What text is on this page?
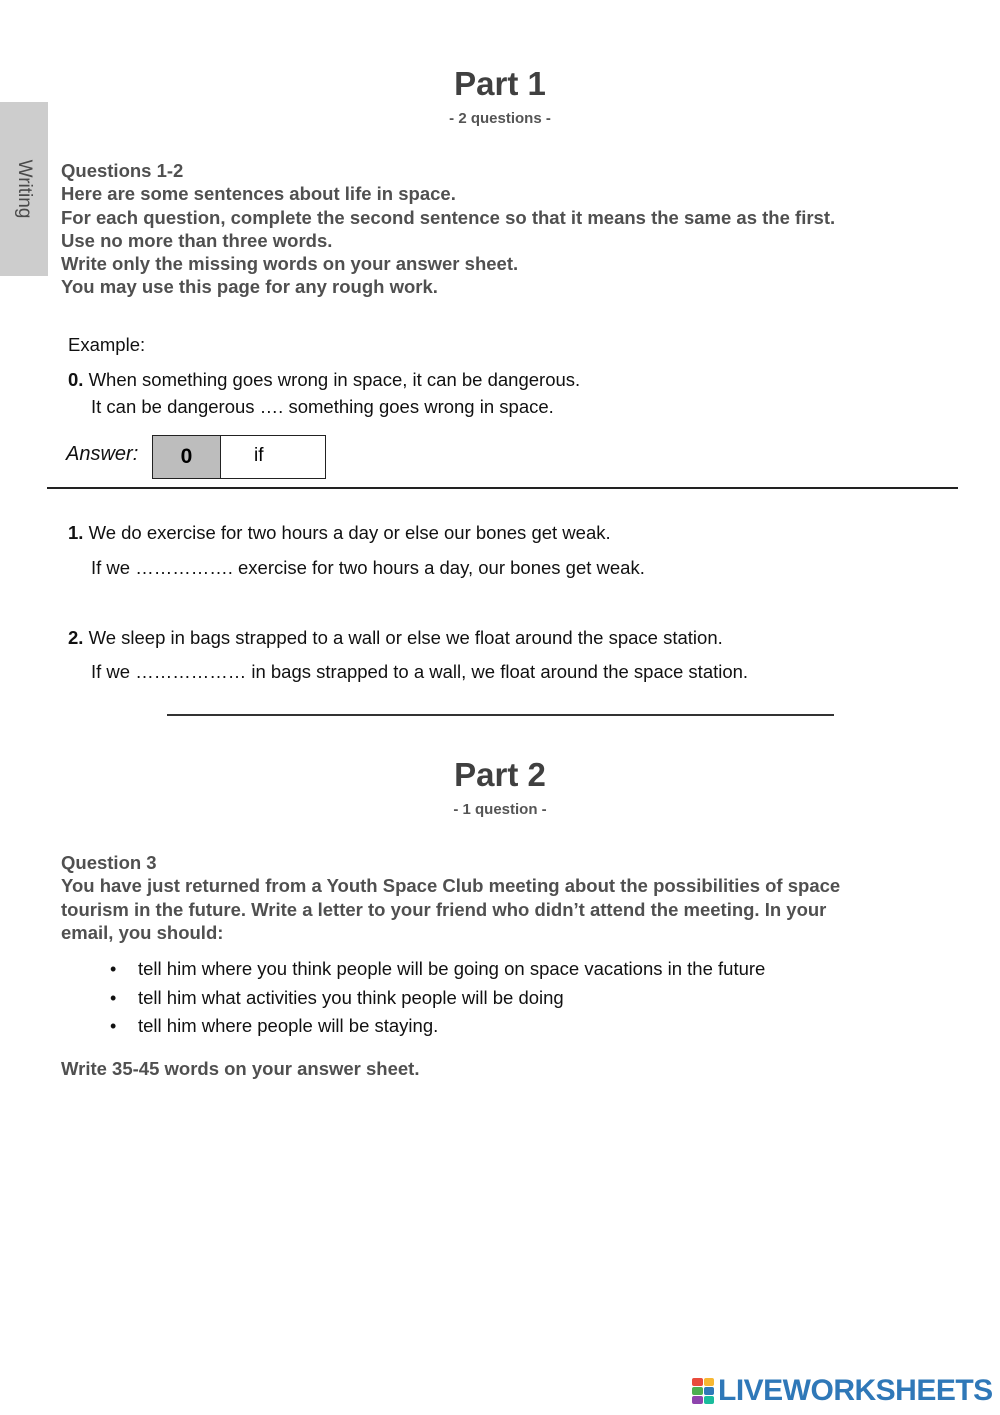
Writing
Part 1
- 2 questions -
Questions 1-2
Here are some sentences about life in space.
For each question, complete the second sentence so that it means the same as the first.
Use no more than three words.
Write only the missing words on your answer sheet.
You may use this page for any rough work.
Example:
0. When something goes wrong in space, it can be dangerous.
It can be dangerous …. something goes wrong in space.
Answer: 0	if
1. We do exercise for two hours a day or else our bones get weak.
If we ……………. exercise for two hours a day, our bones get weak.
2. We sleep in bags strapped to a wall or else we float around the space station.
If we ……………… in bags strapped to a wall, we float around the space station.
Part 2
- 1 question -
Question 3
You have just returned from a Youth Space Club meeting about the possibilities of space
tourism in the future. Write a letter to your friend who didn’t attend the meeting. In your
email, you should:
• tell him where you think people will be going on space vacations in the future
• tell him what activities you think people will be doing
• tell him where people will be staying.
Write 35-45 words on your answer sheet.
LIVEWORKSHEETS
